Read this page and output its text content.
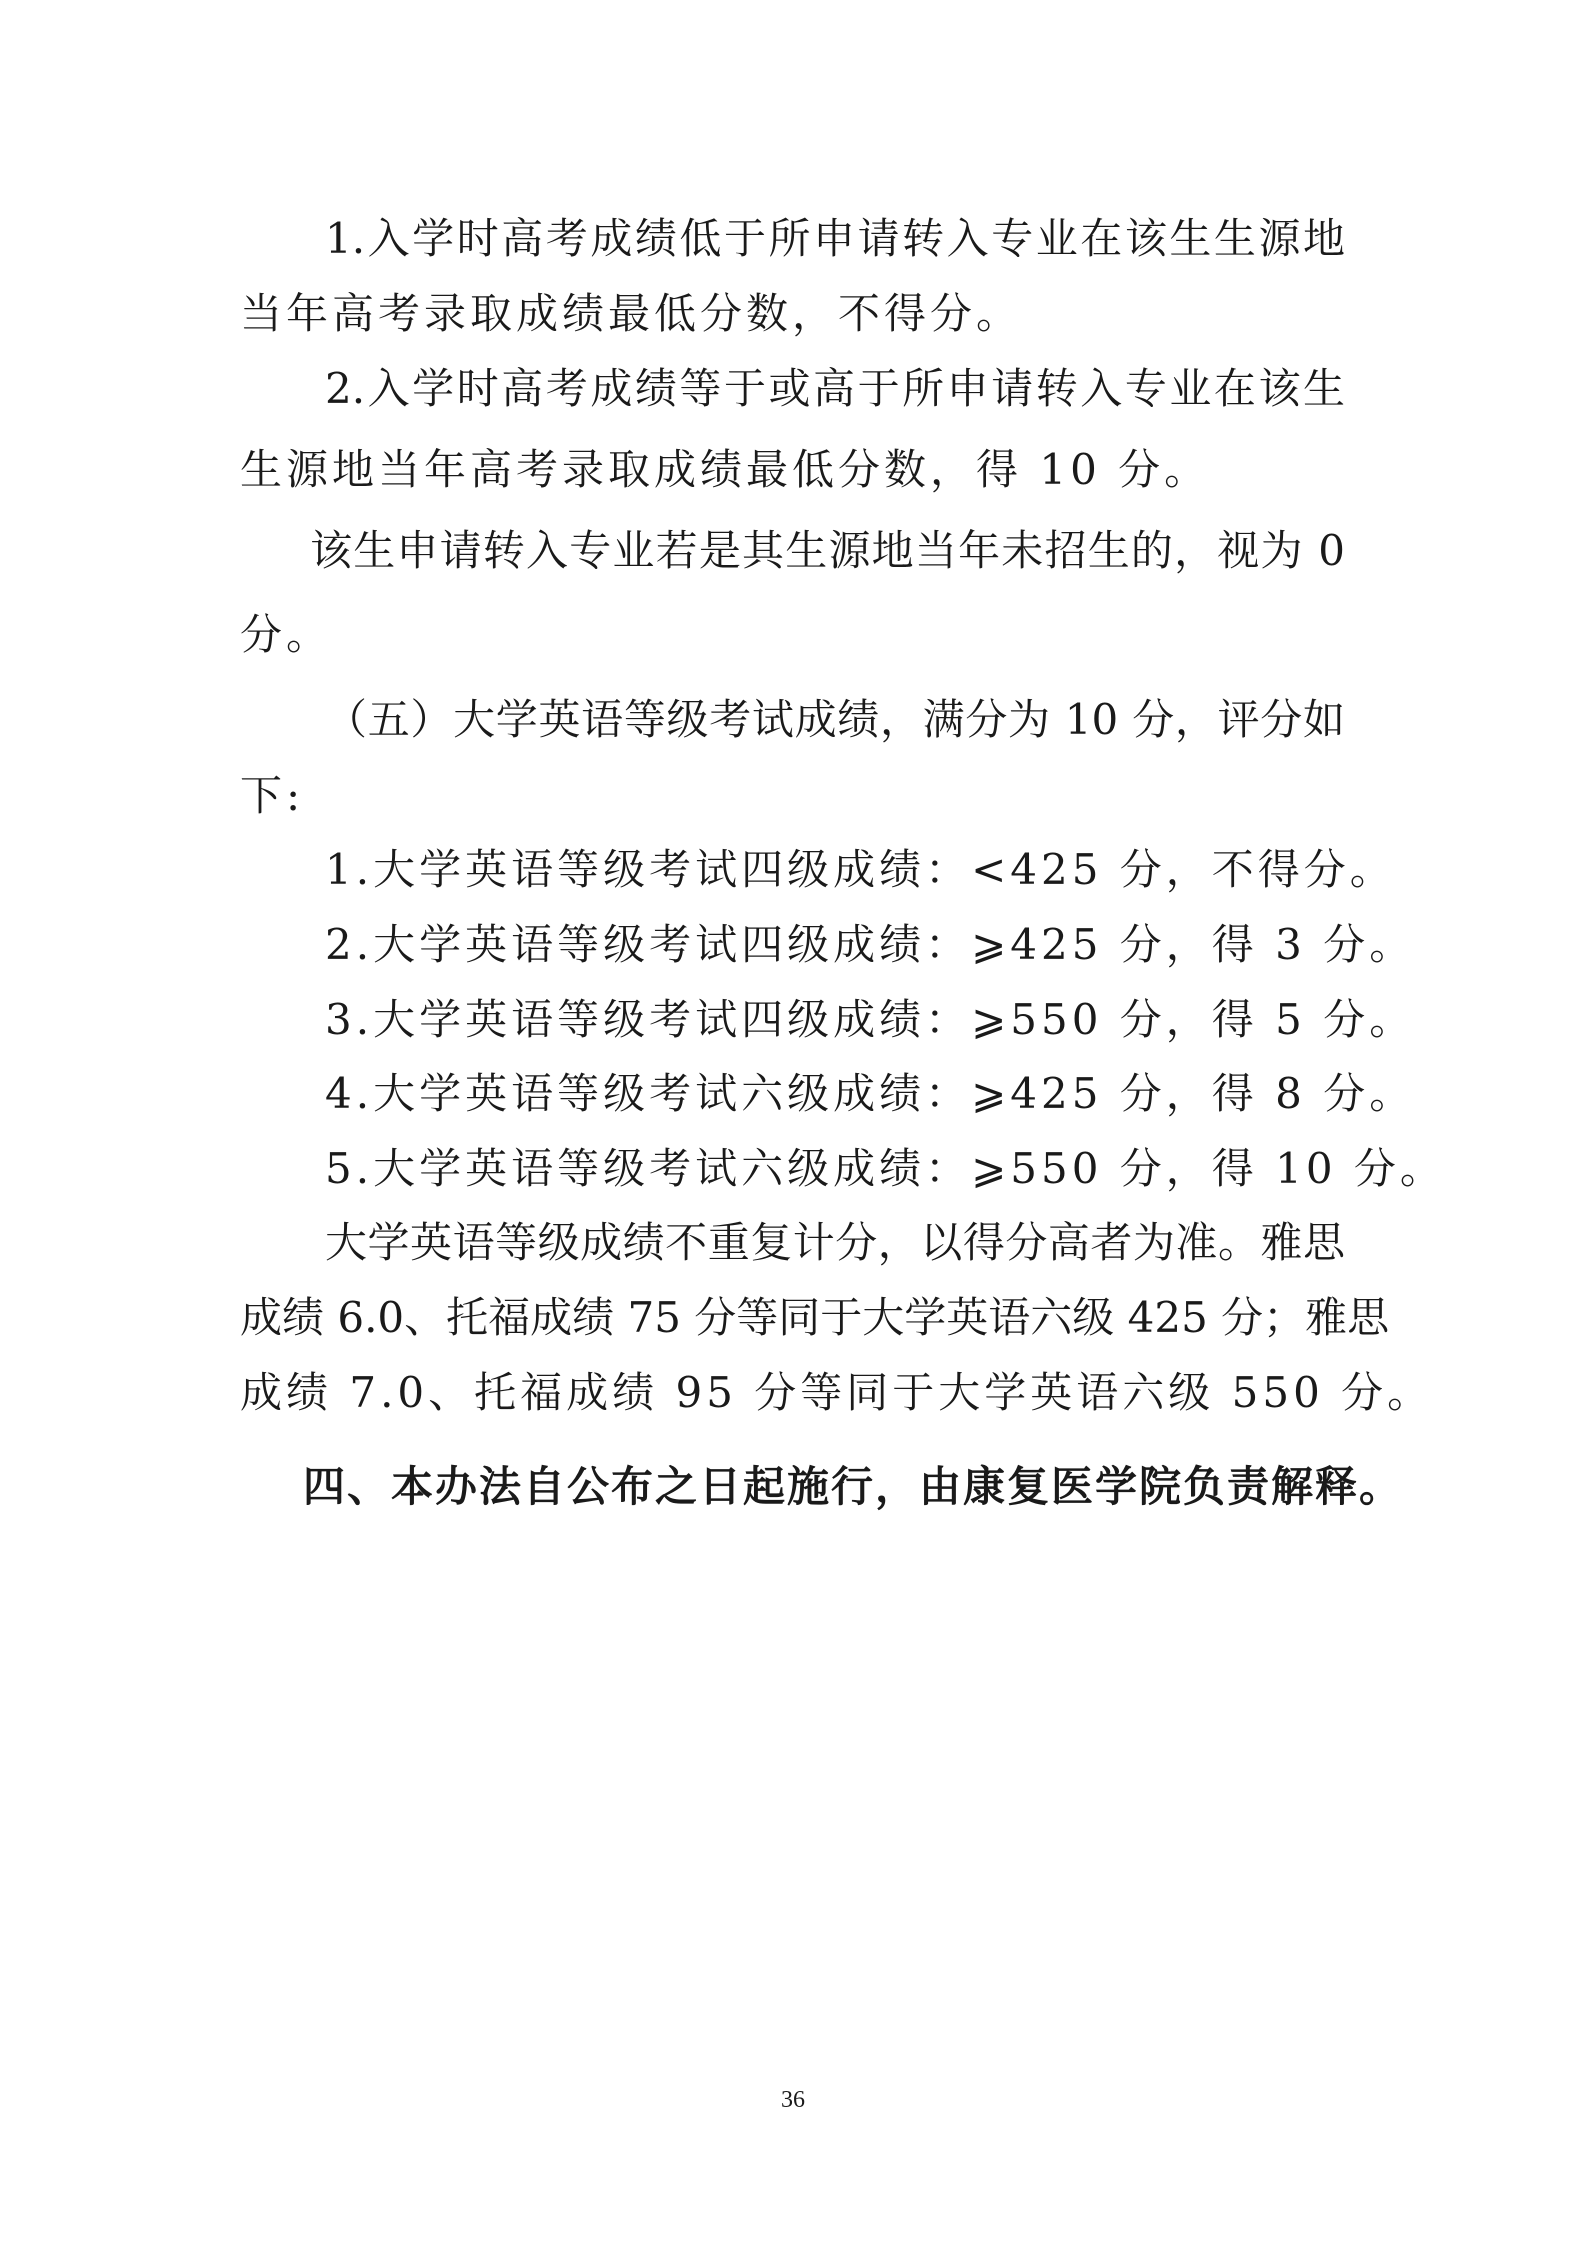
1.入学时高考成绩低于所申请转入专业在该生生源地
当年高考录取成绩最低分数，不得分。
2.入学时高考成绩等于或高于所申请转入专业在该生
生源地当年高考录取成绩最低分数，得 10 分。
该生申请转入专业若是其生源地当年未招生的，视为 0
分。
（五）大学英语等级考试成绩，满分为 10 分，评分如
下:
1.大学英语等级考试四级成绩：<425 分，不得分。
2.大学英语等级考试四级成绩：⩾425 分，得 3 分。
3.大学英语等级考试四级成绩：⩾550 分，得 5 分。
4.大学英语等级考试六级成绩：⩾425 分，得 8 分。
5.大学英语等级考试六级成绩：⩾550 分，得 10 分。
大学英语等级成绩不重复计分，以得分高者为准。雅思
成绩 6.0、托福成绩 75 分等同于大学英语六级 425 分；雅思
成绩 7.0、托福成绩 95 分等同于大学英语六级 550 分。
四、本办法自公布之日起施行，由康复医学院负责解释。
36
